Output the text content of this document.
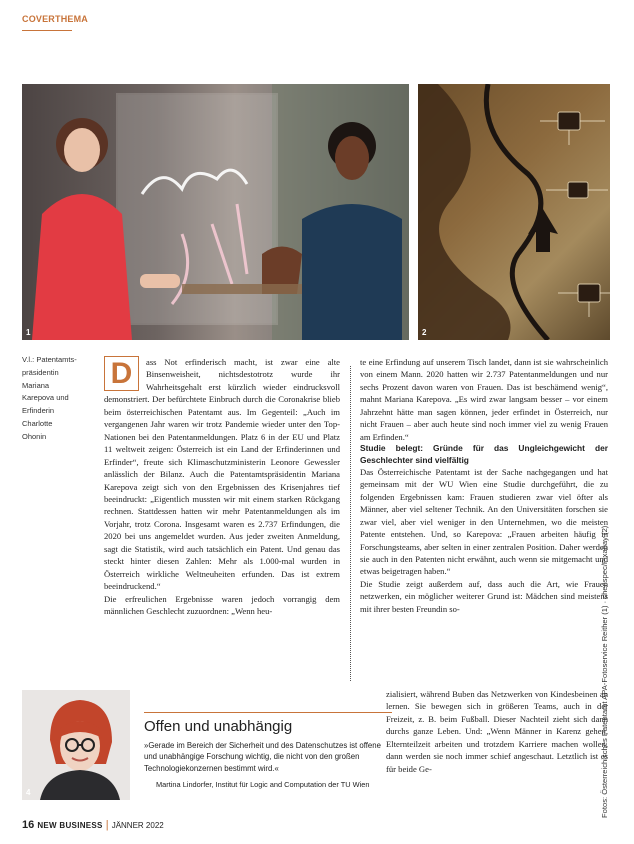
COVERTHEMA
1	2
V.l.: Patentamts-
präsidentin
Mariana
Karepova und
Erfinderin
Charlotte
Ohonin
D	ass Not erfinderisch macht, ist zwar eine alte Binsenweisheit, nichtsdestotrotz wurde ihr Wahrheitsgehalt erst kürzlich wieder eindrucksvoll demonstriert. Der befürchtete Einbruch durch die Coronakrise blieb beim österreichischen Patentamt aus. Im Gegenteil: „Auch im vergangenen Jahr waren wir trotz Pandemie wieder unter den Top-Nationen bei den Patentanmeldungen. Platz 6 in der EU und Platz 11 weltweit zeigen: Österreich ist ein Land der Erfinderinnen und Erfinder“, freute sich Klimaschutzministerin Leonore Gewessler anlässlich der Bilanz. Auch die Patentamtspräsidentin Mariana Karepova zeigt sich von den Ergebnissen des Krisenjahres tief beeindruckt: „Eigentlich mussten wir mit einem starken Rückgang rechnen. Stattdessen hatten wir mehr Patentanmeldungen als im Vorjahr, trotz Corona. Insgesamt waren es 2.737 Erfindungen, die 2020 bei uns angemeldet wurden. Aus jeder zweiten Anmeldung, sagt die Statistik, wird auch tatsächlich ein Patent. Und genau das steckt hinter diesen Zahlen: Mehr als 1.000-mal wurden in Österreich wirkliche Weltneuheiten erfunden. Das ist extrem beeindruckend.“

Die erfreulichen Ergebnisse waren jedoch vorrangig dem männlichen Geschlecht zuzuordnen: „Wenn heu-

te eine Erfindung auf unserem Tisch landet, dann ist sie wahrscheinlich von einem Mann. 2020 hatten wir 2.737 Patentanmeldungen und nur sechs Prozent davon waren von Frauen. Das ist beschämend wenig“, mahnt Mariana Karepova. „Es wird zwar langsam besser – vor einem Jahrzehnt hätte man sagen können, jeder erfindet in Österreich, nur nicht Frauen – aber auch heute sind noch immer viel zu wenig Frauen am Erfinden.“

Studie belegt: Gründe für das Ungleichgewicht der Geschlechter sind vielfältig

Das Österreichische Patentamt ist der Sache nachgegangen und hat gemeinsam mit der WU Wien eine Studie durchgeführt, die zu folgenden Ergebnissen kam: Frauen studieren zwar viel öfter als Männer, aber viel seltener Technik. An den Universitäten forschen sie zwar viel, aber viel weniger in den Unternehmen, wo die meisten Patente entstehen. Und, so Karepova: „Frauen arbeiten häufig in Forschungsteams, aber selten in einer zentralen Position. Daher werden sie auch in den Patenten nicht erwähnt, auch wenn sie mitgemacht und etwas beigetragen haben.“

Die Studie zeigt außerdem auf, dass auch die Art, wie Frauen netzwerken, ein möglicher weiterer Grund ist: Mädchen sind meistens mit ihrer besten Freundin so-

4
Offen und unabhängig
»Gerade im Bereich der Sicherheit und des Datenschutzes ist offene und unabhängige Forschung wichtig, die nicht von den großen Technologiekonzernen bestimmt wird.«
Martina Lindorfer, Institut für Logic and Computation der TU Wien

zialisiert, während Buben das Netzwerken von Kindesbeinen an lernen. Sie bewegen sich in größeren Teams, auch in der Freizeit, z. B. beim Fußball. Dieser Nachteil zieht sich dann durchs ganze Leben. Und: „Wenn Männer in Karenz gehen, Elternteilzeit arbeiten und trotzdem Karriere machen wollen, dann werden sie noch immer schief angeschaut. Letztlich ist es für beide Ge-	Fotos: Österreichisches Patentamt APA-Fotoservice Reither (1) · chenspec/Pixabay (2)
16 NEW BUSINESS | JÄNNER 2022
